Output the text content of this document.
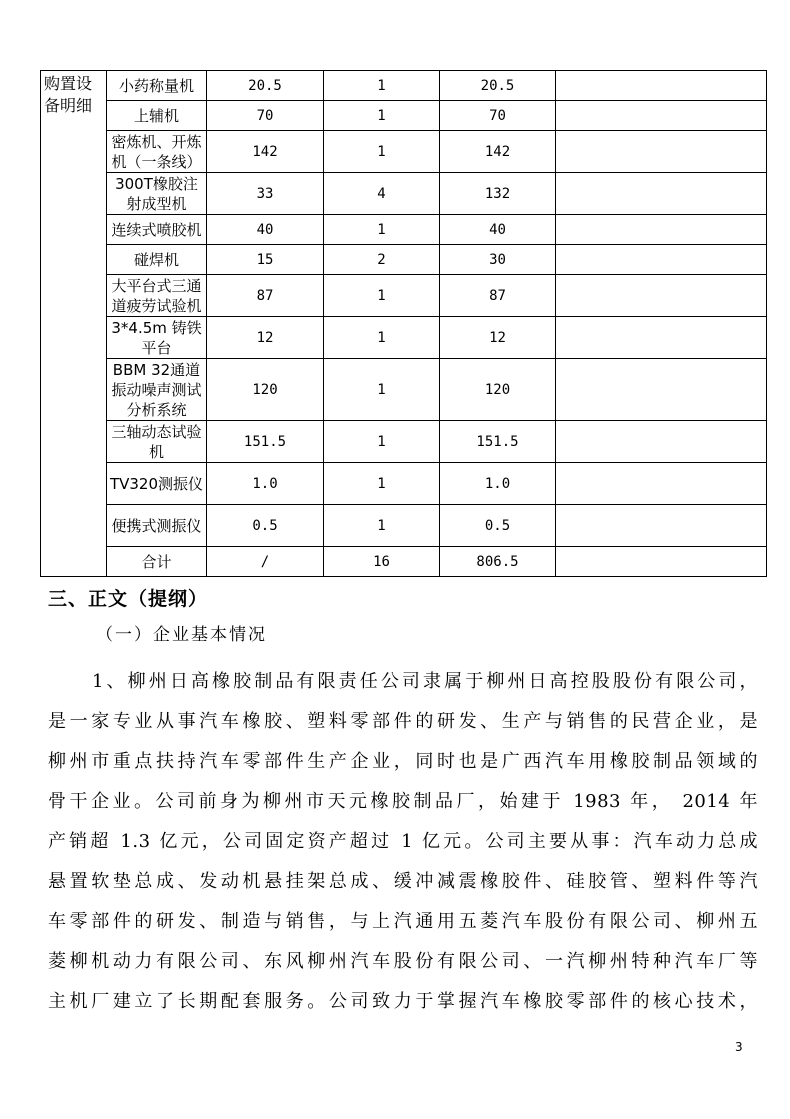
购置设备明细	小药称量机	20.5	1	20.5	
	上辅机	70	1	70	
	密炼机、开炼机（一条线）	142	1	142	
	300T橡胶注射成型机	33	4	132	
	连续式喷胶机	40	1	40	
	碰焊机	15	2	30	
	大平台式三通道疲劳试验机	87	1	87	
	3*4.5m 铸铁平台	12	1	12	
	BBM 32通道振动噪声测试分析系统	120	1	120	
	三轴动态试验机	151.5	1	151.5	
	TV320测振仪	1.0	1	1.0	
	便携式测振仪	0.5	1	0.5	
	合计	/	16	806.5	
三、正文（提纲）
（一）企业基本情况
1、柳州日高橡胶制品有限责任公司隶属于柳州日高控股股份有限公司，
是一家专业从事汽车橡胶、塑料零部件的研发、生产与销售的民营企业，是
柳州市重点扶持汽车零部件生产企业，同时也是广西汽车用橡胶制品领域的
骨干企业。公司前身为柳州市天元橡胶制品厂，始建于 1983 年， 2014 年
产销超 1.3 亿元，公司固定资产超过 1 亿元。公司主要从事：汽车动力总成
悬置软垫总成、发动机悬挂架总成、缓冲减震橡胶件、硅胶管、塑料件等汽
车零部件的研发、制造与销售，与上汽通用五菱汽车股份有限公司、柳州五
菱柳机动力有限公司、东风柳州汽车股份有限公司、一汽柳州特种汽车厂等
主机厂建立了长期配套服务。公司致力于掌握汽车橡胶零部件的核心技术，
3
